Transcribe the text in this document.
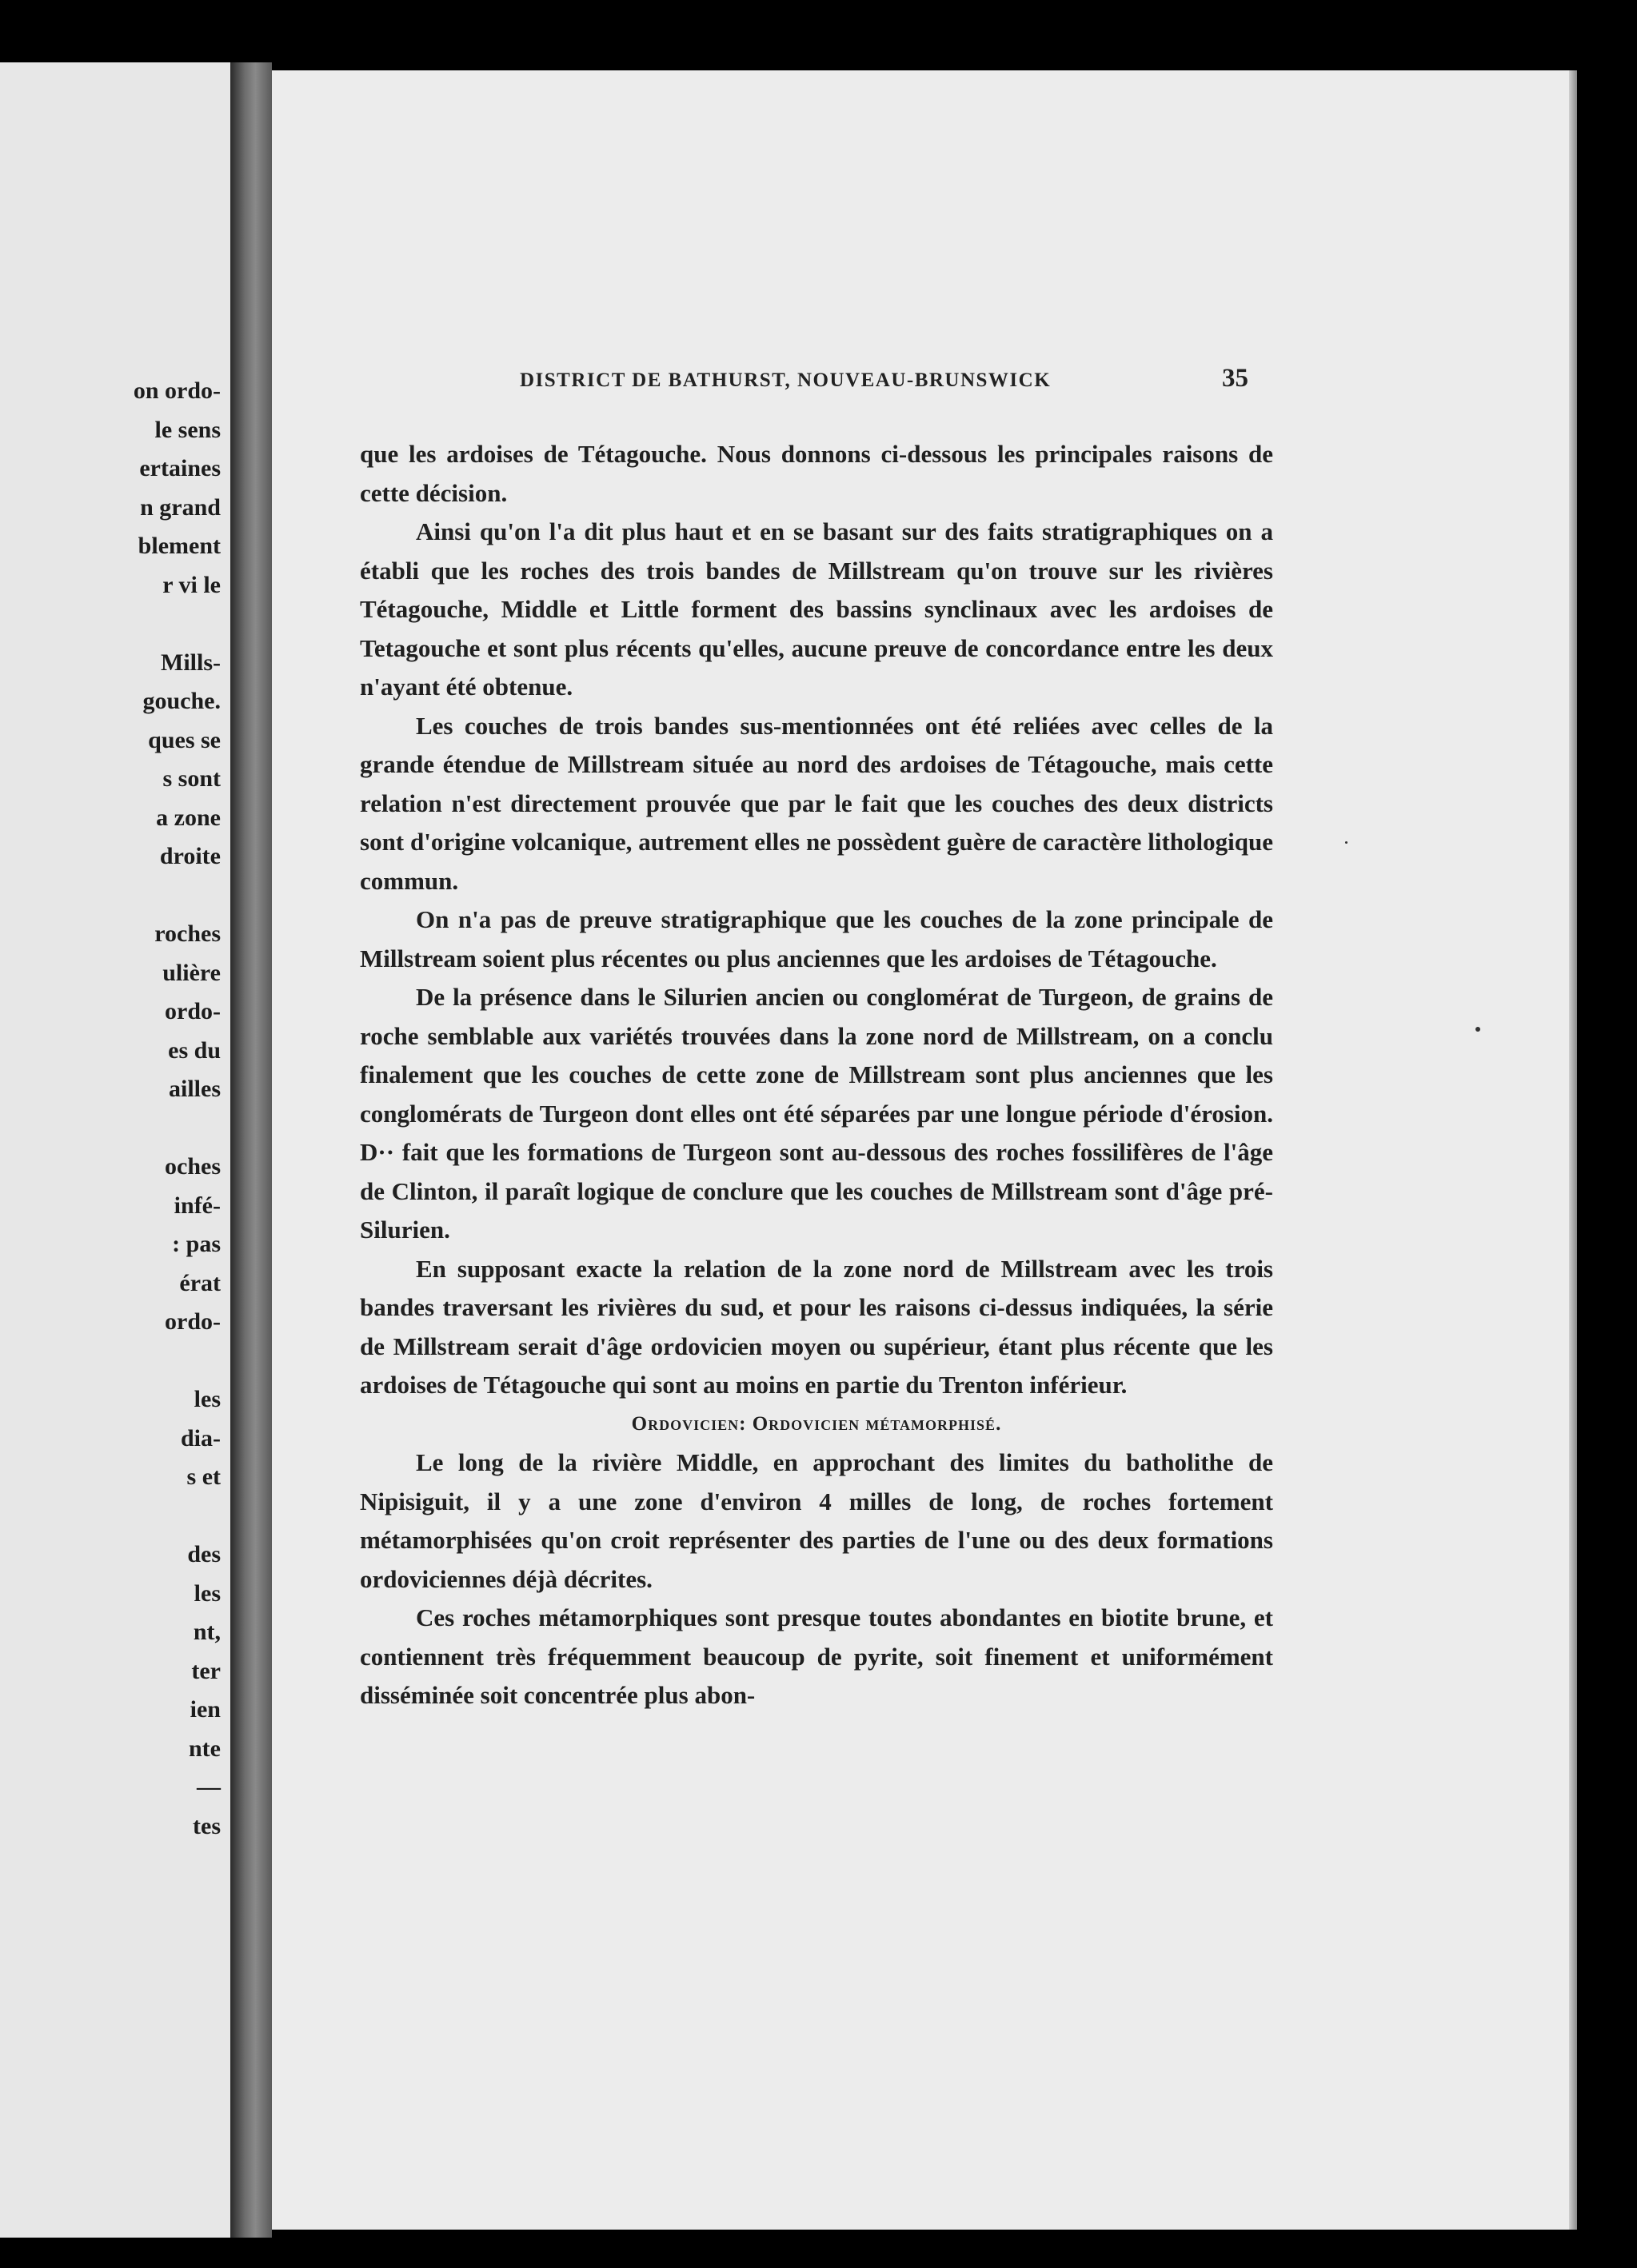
on ordo-
le sens
ertaines
n grand
blement
r vi le
Mills-
gouche.
ques se
s sont
a zone
droite
roches
ulière
ordo-
es du
ailles
oches
infé-
: pas
érat
ordo-
les
dia-
s et
des
les
nt,
ter
ien
nte
—
tes
DISTRICT DE BATHURST, NOUVEAU-BRUNSWICK	35

que les ardoises de Tétagouche. Nous donnons ci-dessous les principales raisons de cette décision.

Ainsi qu'on l'a dit plus haut et en se basant sur des faits stratigraphiques on a établi que les roches des trois bandes de Millstream qu'on trouve sur les rivières Tétagouche, Middle et Little forment des bassins synclinaux avec les ardoises de Tetagouche et sont plus récents qu'elles, aucune preuve de concordance entre les deux n'ayant été obtenue.

Les couches de trois bandes sus-mentionnées ont été reliées avec celles de la grande étendue de Millstream située au nord des ardoises de Tétagouche, mais cette relation n'est directement prouvée que par le fait que les couches des deux districts sont d'origine volcanique, autrement elles ne possèdent guère de caractère lithologique commun.

On n'a pas de preuve stratigraphique que les couches de la zone principale de Millstream soient plus récentes ou plus anciennes que les ardoises de Tétagouche.

De la présence dans le Silurien ancien ou conglomérat de Turgeon, de grains de roche semblable aux variétés trouvées dans la zone nord de Millstream, on a conclu finalement que les couches de cette zone de Millstream sont plus anciennes que les conglomérats de Turgeon dont elles ont été séparées par une longue période d'érosion. D·· fait que les formations de Turgeon sont au-dessous des roches fossilifères de l'âge de Clinton, il paraît logique de conclure que les couches de Millstream sont d'âge pré-Silurien.

En supposant exacte la relation de la zone nord de Millstream avec les trois bandes traversant les rivières du sud, et pour les raisons ci-dessus indiquées, la série de Millstream serait d'âge ordovicien moyen ou supérieur, étant plus récente que les ardoises de Tétagouche qui sont au moins en partie du Trenton inférieur.

Ordovicien: Ordovicien métamorphisé.

Le long de la rivière Middle, en approchant des limites du batholithe de Nipisiguit, il y a une zone d'environ 4 milles de long, de roches fortement métamorphisées qu'on croit représenter des parties de l'une ou des deux formations ordoviciennes déjà décrites.

Ces roches métamorphiques sont presque toutes abondantes en biotite brune, et contiennent très fréquemment beaucoup de pyrite, soit finement et uniformément disséminée soit concentrée plus abon-
